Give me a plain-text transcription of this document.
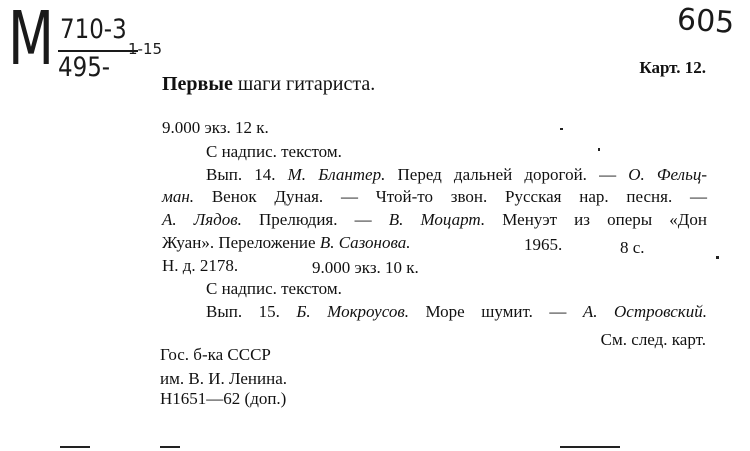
М 710-3
495-
1-15
605
Первые шаги гитариста.
Карт. 12.
9.000 экз. 12 к.
С надпис. текстом.
Вып. 14. М. Блантер. Перед дальней дорогой. — О. Фельц-
ман. Венок Дуная. — Чтой-то звон. Русская нар. песня. —
А. Лядов. Прелюдия. — В. Моцарт. Менуэт из оперы «Дон
Жуан». Переложение В. Сазонова.	1965.	8 с.
Н. д. 2178.	9.000 экз. 10 к.
С надпис. текстом.
Вып. 15. Б. Мокроусов. Море шумит. — А. Островский.
См. след. карт.
Гос. б-ка СССР
им. В. И. Ленина.
Н1651—62 (доп.)
